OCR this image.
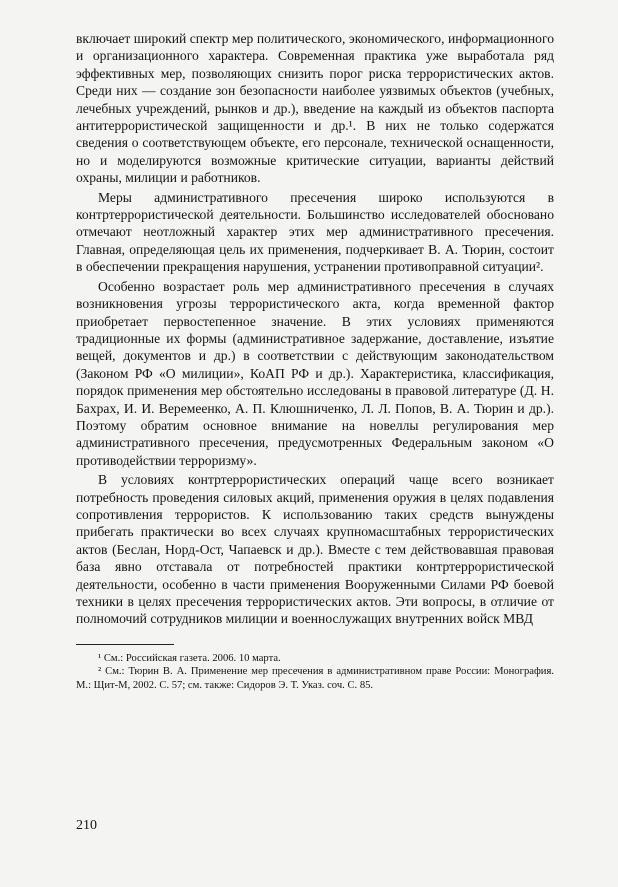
включает широкий спектр мер политического, экономического, информационного и организационного характера. Современная практика уже выработала ряд эффективных мер, позволяющих снизить порог риска террористических актов. Среди них — создание зон безопасности наиболее уязвимых объектов (учебных, лечебных учреждений, рынков и др.), введение на каждый из объектов паспорта антитеррористической защищенности и др.¹. В них не только содержатся сведения о соответствующем объекте, его персонале, технической оснащенности, но и моделируются возможные критические ситуации, варианты действий охраны, милиции и работников.

Меры административного пресечения широко используются в контртеррористической деятельности. Большинство исследователей обосновано отмечают неотложный характер этих мер административного пресечения. Главная, определяющая цель их применения, подчеркивает В. А. Тюрин, состоит в обеспечении прекращения нарушения, устранении противоправной ситуации².

Особенно возрастает роль мер административного пресечения в случаях возникновения угрозы террористического акта, когда временной фактор приобретает первостепенное значение. В этих условиях применяются традиционные их формы (административное задержание, доставление, изъятие вещей, документов и др.) в соответствии с действующим законодательством (Законом РФ «О милиции», КоАП РФ и др.). Характеристика, классификация, порядок применения мер обстоятельно исследованы в правовой литературе (Д. Н. Бахрах, И. И. Веремеенко, А. П. Клюшниченко, Л. Л. Попов, В. А. Тюрин и др.). Поэтому обратим основное внимание на новеллы регулирования мер административного пресечения, предусмотренных Федеральным законом «О противодействии терроризму».

В условиях контртеррористических операций чаще всего возникает потребность проведения силовых акций, применения оружия в целях подавления сопротивления террористов. К использованию таких средств вынуждены прибегать практически во всех случаях крупномасштабных террористических актов (Беслан, Норд-Ост, Чапаевск и др.). Вместе с тем действовавшая правовая база явно отставала от потребностей практики контртеррористической деятельности, особенно в части применения Вооруженными Силами РФ боевой техники в целях пресечения террористических актов. Эти вопросы, в отличие от полномочий сотрудников милиции и военнослужащих внутренних войск МВД

¹ См.: Российская газета. 2006. 10 марта.

² См.: Тюрин В. А. Применение мер пресечения в административном праве России: Монография. М.: Щит-М, 2002. С. 57; см. также: Сидоров Э. Т. Указ. соч. С. 85.

210
